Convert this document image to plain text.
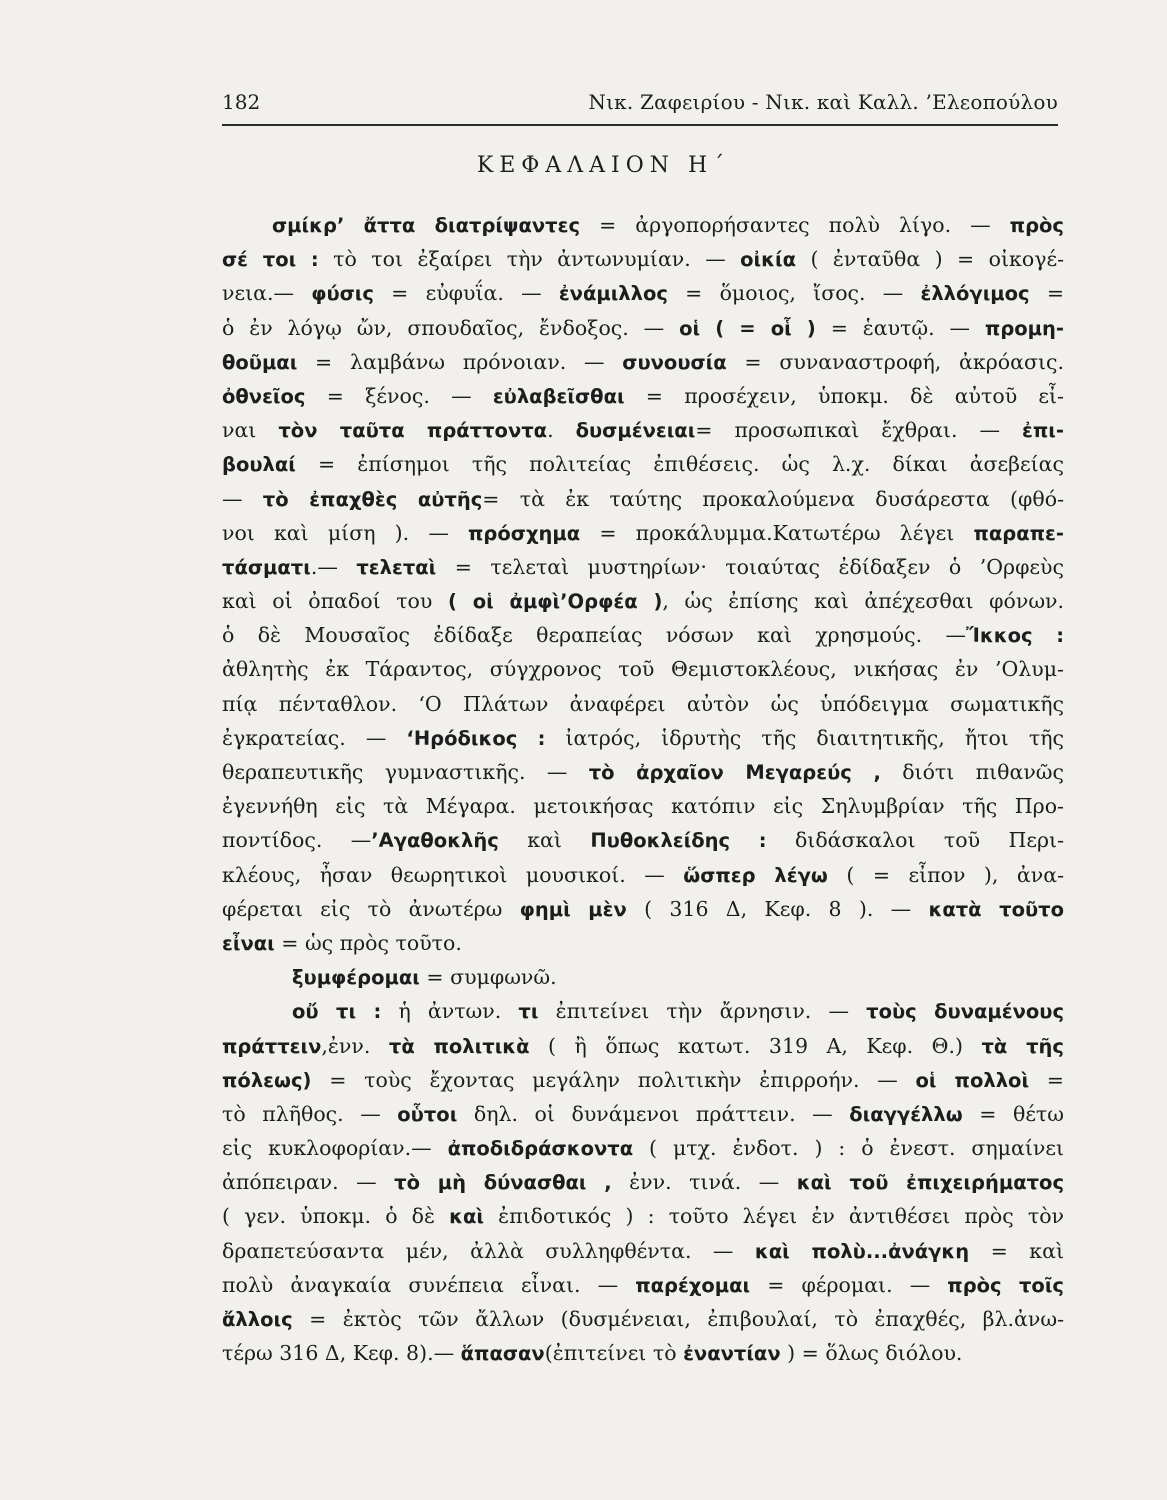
182	Νικ. Ζαφειρίου - Νικ. καὶ Καλλ. ’Ελεοπούλου
ΚΕΦΑΛΑΙΟΝ Η΄
σμίκρ’ ἄττα διατρίψαντες = ἀργοπορήσαντες πολὺ λίγο. — πρὸς
σέ τοι : τὸ τοι ἐξαίρει τὴν ἀντωνυμίαν. — οἰκία ( ἐνταῦθα ) = οἰκογέ-
νεια.— φύσις = εὐφυΐα. — ἐνάμιλλος = ὅμοιος, ἴσος. — ἐλλόγιμος =
ὁ ἐν λόγῳ ὤν, σπουδαῖος, ἔνδοξος. — οἱ ( = οἷ ) = ἑαυτῷ. — προμη-
θοῦμαι = λαμβάνω πρόνοιαν. — συνουσία = συναναστροφή, ἀκρόασις.
ὀθνεῖος = ξένος. — εὐλαβεῖσθαι = προσέχειν, ὑποκμ. δὲ αὐτοῦ εἶ-
ναι τὸν ταῦτα πράττοντα. δυσμένειαι= προσωπικαὶ ἔχθραι. — ἐπι-
βουλαί = ἐπίσημοι τῆς πολιτείας ἐπιθέσεις. ὡς λ.χ. δίκαι ἀσεβείας
— τὸ ἐπαχθὲς αὐτῆς= τὰ ἐκ ταύτης προκαλούμενα δυσάρεστα (φθό-
νοι καὶ μίση ). — πρόσχημα = προκάλυμμα.Κατωτέρω λέγει παραπε-
τάσματι.— τελεταὶ = τελεταὶ μυστηρίων· τοιαύτας ἐδίδαξεν ὁ ’Ορφεὺς
καὶ οἱ ὀπαδοί του ( οἱ ἀμφὶ’Ορφέα ), ὡς ἐπίσης καὶ ἀπέχεσθαι φόνων.
ὁ δὲ Μουσαῖος ἐδίδαξε θεραπείας νόσων καὶ χρησμούς. —Ἴκκος :
ἀθλητὴς ἐκ Τάραντος, σύγχρονος τοῦ Θεμιστοκλέους, νικήσας ἐν ’Ολυμ-
πίᾳ πένταθλον. ‘Ο Πλάτων ἀναφέρει αὐτὸν ὡς ὑπόδειγμα σωματικῆς
ἐγκρατείας. — ‘Ηρόδικος : ἰατρός, ἱδρυτὴς τῆς διαιτητικῆς, ἤτοι τῆς
θεραπευτικῆς γυμναστικῆς. — τὸ ἀρχαῖον Μεγαρεύς , διότι πιθανῶς
ἐγεννήθη εἰς τὰ Μέγαρα. μετοικήσας κατόπιν εἰς Σηλυμβρίαν τῆς Προ-
ποντίδος. —’Αγαθοκλῆς καὶ Πυθοκλείδης : διδάσκαλοι τοῦ Περι-
κλέους, ἦσαν θεωρητικοὶ μουσικοί. — ὥσπερ λέγω ( = εἶπον ), ἀνα-
φέρεται εἰς τὸ ἀνωτέρω φημὶ μὲν ( 316 Δ, Κεφ. 8 ). — κατὰ τοῦτο
εἶναι = ὡς πρὸς τοῦτο.
ξυμφέρομαι = συμφωνῶ.
οὔ τι : ἡ ἀντων. τι ἐπιτείνει τὴν ἄρνησιν. — τοὺς δυναμένους
πράττειν,ἐνν. τὰ πολιτικὰ ( ἢ ὅπως κατωτ. 319 Α, Κεφ. Θ.) τὰ τῆς
πόλεως) = τοὺς ἔχοντας μεγάλην πολιτικὴν ἐπιρροήν. — οἱ πολλοὶ =
τὸ πλῆθος. — οὗτοι δηλ. οἱ δυνάμενοι πράττειν. — διαγγέλλω = θέτω
εἰς κυκλοφορίαν.— ἀποδιδράσκοντα ( μτχ. ἐνδοτ. ) : ὁ ἐνεστ. σημαίνει
ἀπόπειραν. — τὸ μὴ δύνασθαι , ἐνν. τινά. — καὶ τοῦ ἐπιχειρήματος
( γεν. ὑποκμ. ὁ δὲ καὶ ἐπιδοτικός ) : τοῦτο λέγει ἐν ἀντιθέσει πρὸς τὸν
δραπετεύσαντα μέν, ἀλλὰ συλληφθέντα. — καὶ πολὺ...ἀνάγκη = καὶ
πολὺ ἀναγκαία συνέπεια εἶναι. — παρέχομαι = φέρομαι. — πρὸς τοῖς
ἄλλοις = ἐκτὸς τῶν ἄλλων (δυσμένειαι, ἐπιβουλαί, τὸ ἐπαχθές, βλ.ἀνω-
τέρω 316 Δ, Κεφ. 8).— ἅπασαν(ἐπιτείνει τὸ ἐναντίαν ) = ὅλως διόλου.
